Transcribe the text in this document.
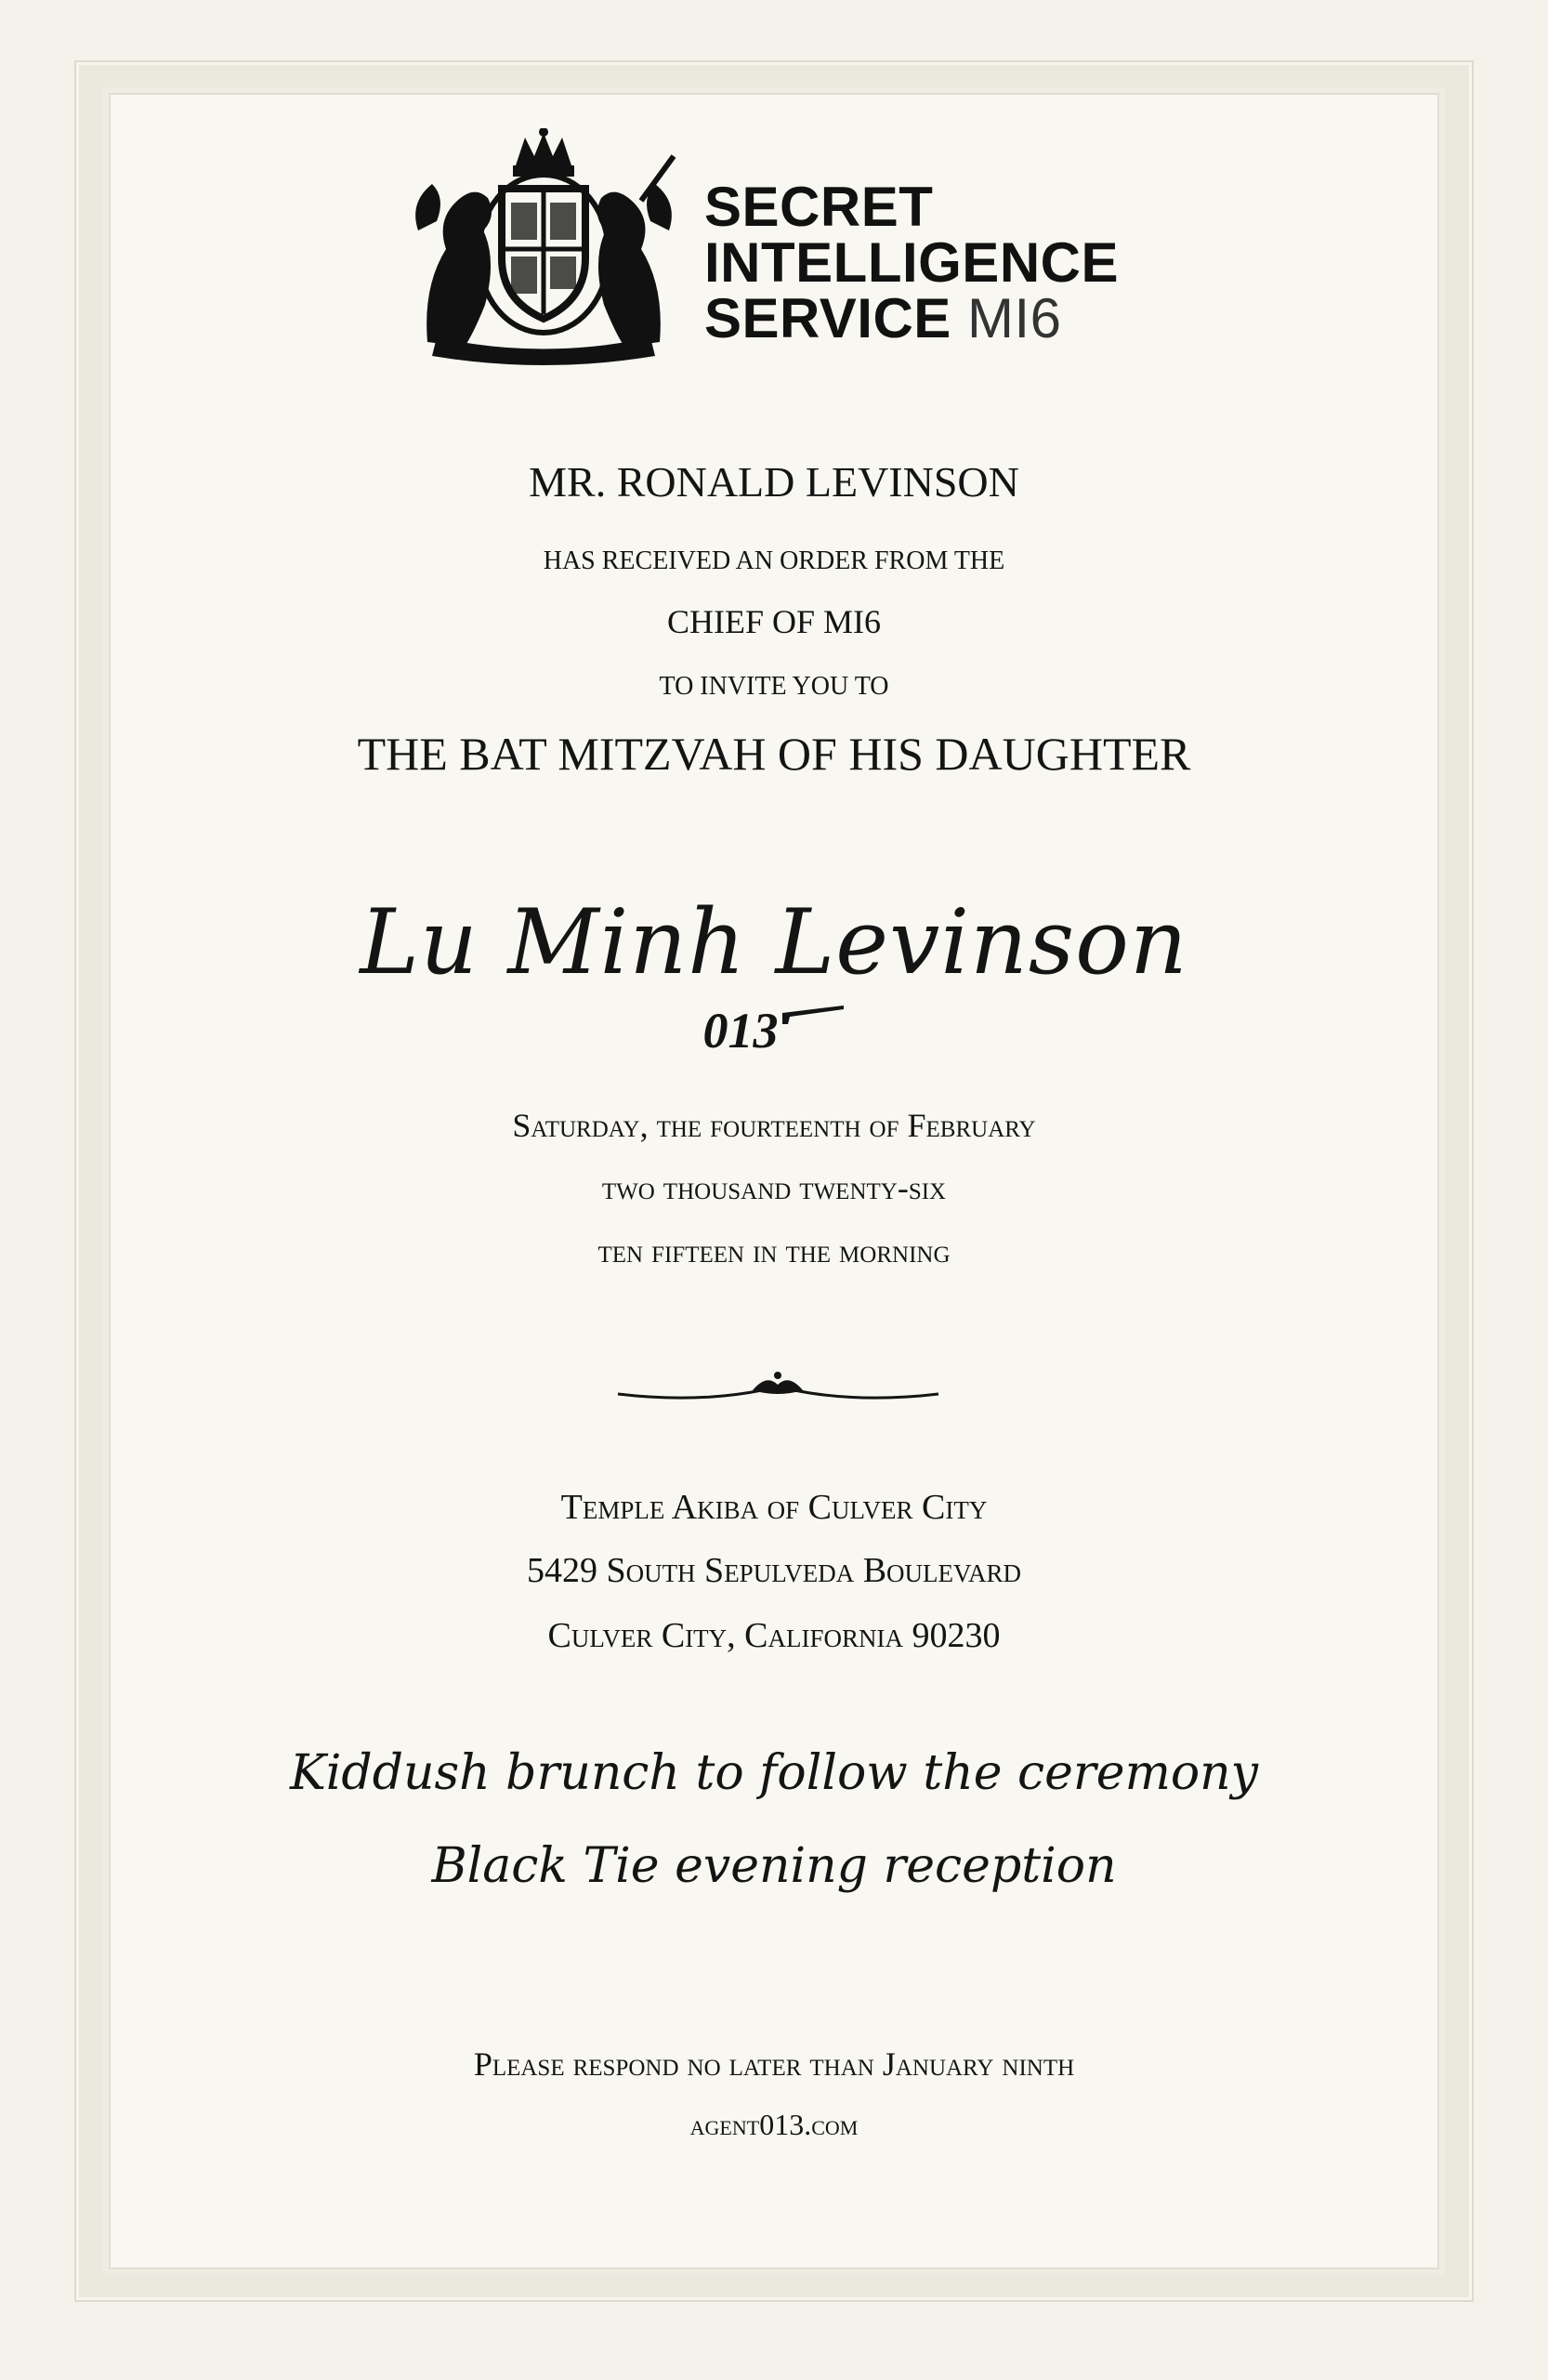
SECRET
INTELLIGENCE
SERVICE MI6
MR. RONALD LEVINSON
HAS RECEIVED AN ORDER FROM THE
CHIEF OF MI6
TO INVITE YOU TO
THE BAT MITZVAH OF HIS DAUGHTER
Lu Minh Levinson
013
Saturday, the fourteenth of February
two thousand twenty-six
ten fifteen in the morning
Temple Akiba of Culver City
5429 South Sepulveda Boulevard
Culver City, California 90230
Kiddush brunch to follow the ceremony
Black Tie evening reception
Please respond no later than January ninth
agent013.com
